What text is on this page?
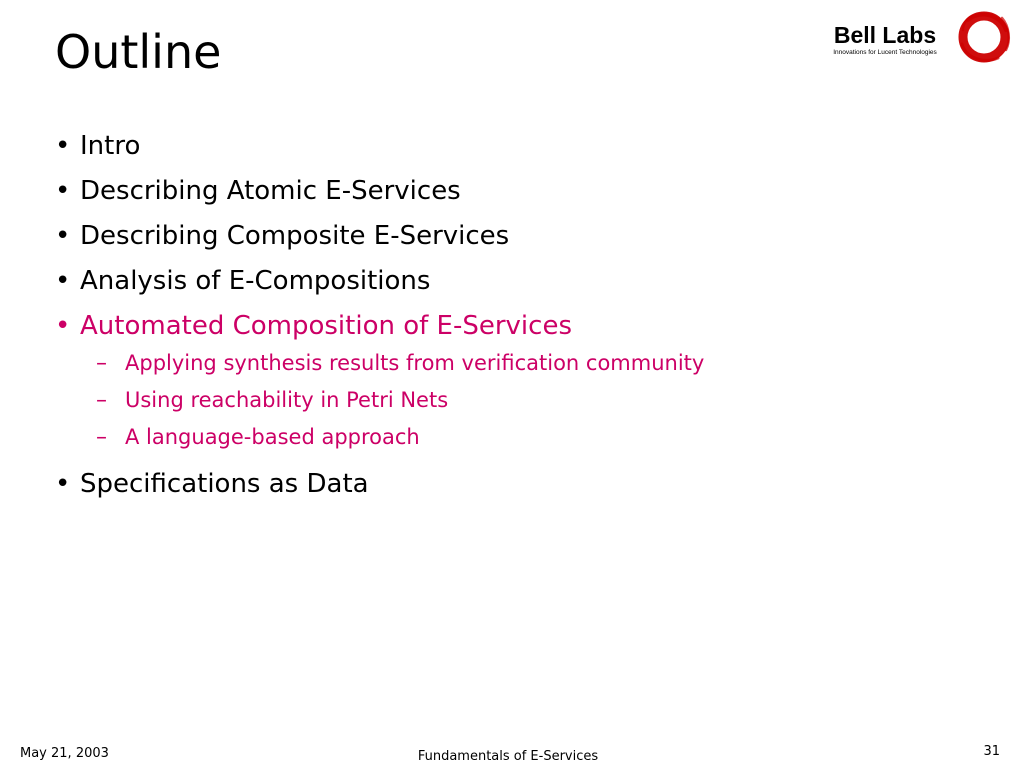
Outline	Bell Labs
Innovations for Lucent Technologies
• Intro
• Describing Atomic E-Services
• Describing Composite E-Services
• Analysis of E-Compositions
• Automated Composition of E-Services
– Applying synthesis results from verification community
– Using reachability in Petri Nets
– A language-based approach
• Specifications as Data
May 21, 2003	Fundamentals of E-Services	31
